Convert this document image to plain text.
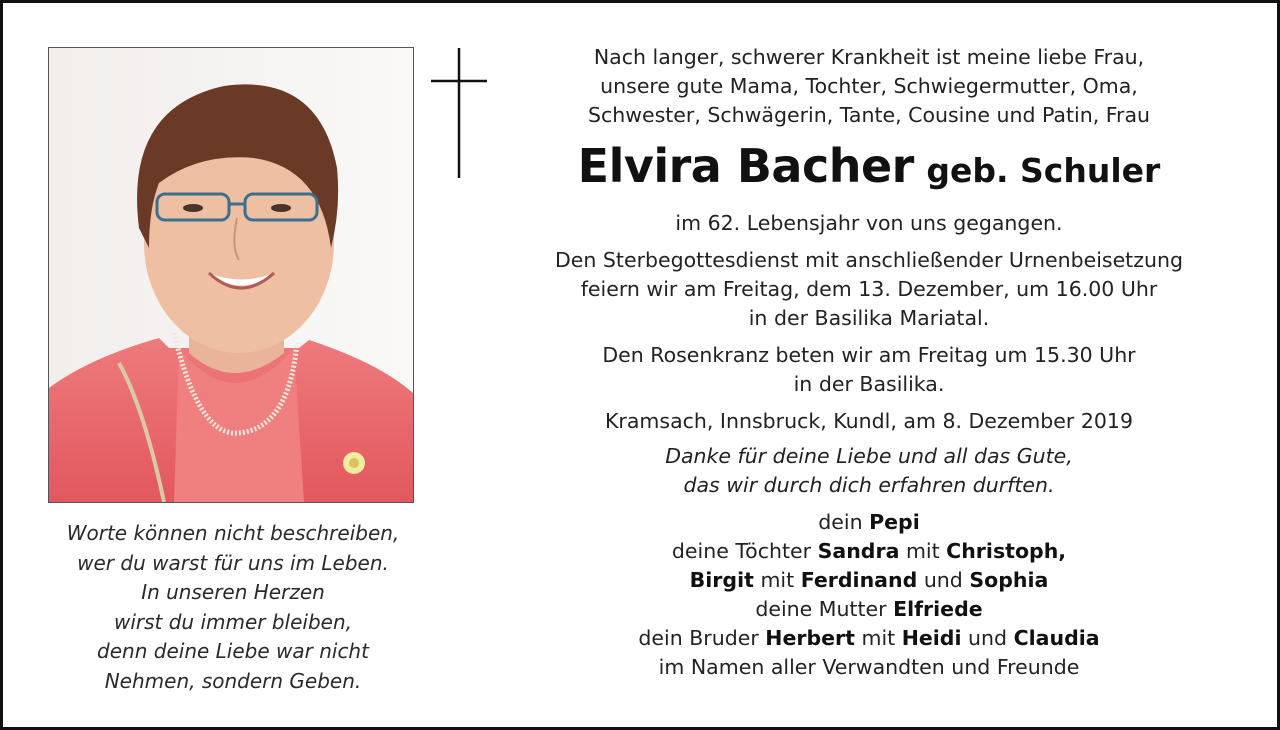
Worte können nicht beschreiben,
wer du warst für uns im Leben.
In unseren Herzen
wirst du immer bleiben,
denn deine Liebe war nicht
Nehmen, sondern Geben.
Nach langer, schwerer Krankheit ist meine liebe Frau,
unsere gute Mama, Tochter, Schwiegermutter, Oma,
Schwester, Schwägerin, Tante, Cousine und Patin, Frau
Elvira Bacher geb. Schuler
im 62. Lebensjahr von uns gegangen.
Den Sterbegottesdienst mit anschließender Urnenbeisetzung
feiern wir am Freitag, dem 13. Dezember, um 16.00 Uhr
in der Basilika Mariatal.
Den Rosenkranz beten wir am Freitag um 15.30 Uhr
in der Basilika.
Kramsach, Innsbruck, Kundl, am 8. Dezember 2019
Danke für deine Liebe und all das Gute,
das wir durch dich erfahren durften.
dein Pepi
deine Töchter Sandra mit Christoph,
Birgit mit Ferdinand und Sophia
deine Mutter Elfriede
dein Bruder Herbert mit Heidi und Claudia
im Namen aller Verwandten und Freunde
